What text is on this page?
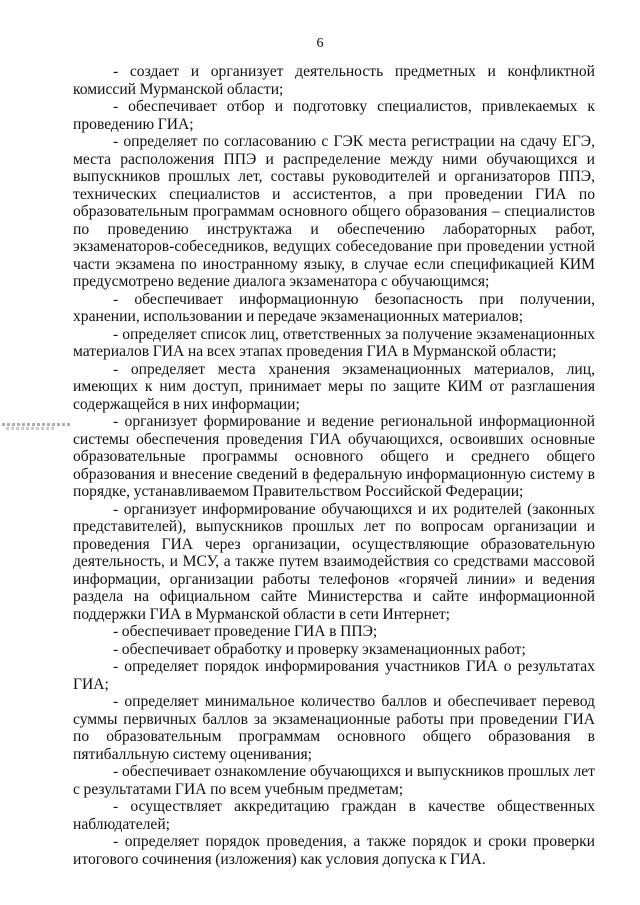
6

- создает и организует деятельность предметных и конфликтной комиссий Мурманской области;

- обеспечивает отбор и подготовку специалистов, привлекаемых к проведению ГИА;

- определяет по согласованию с ГЭК места регистрации на сдачу ЕГЭ, места расположения ППЭ и распределение между ними обучающихся и выпускников прошлых лет, составы руководителей и организаторов ППЭ, технических специалистов и ассистентов, а при проведении ГИА по образовательным программам основного общего образования – специалистов по проведению инструктажа и обеспечению лабораторных работ, экзаменаторов-собеседников, ведущих собеседование при проведении устной части экзамена по иностранному языку, в случае если спецификацией КИМ предусмотрено ведение диалога экзаменатора с обучающимся;

- обеспечивает информационную безопасность при получении, хранении, использовании и передаче экзаменационных материалов;

- определяет список лиц, ответственных за получение экзаменационных материалов ГИА на всех этапах проведения ГИА в Мурманской области;

- определяет места хранения экзаменационных материалов, лиц, имеющих к ним доступ, принимает меры по защите КИМ от разглашения содержащейся в них информации;

- организует формирование и ведение региональной информационной системы обеспечения проведения ГИА обучающихся, освоивших основные образовательные программы основного общего и среднего общего образования и внесение сведений в федеральную информационную систему в порядке, устанавливаемом Правительством Российской Федерации;

- организует информирование обучающихся и их родителей (законных представителей), выпускников прошлых лет по вопросам организации и проведения ГИА через организации, осуществляющие образовательную деятельность, и МСУ, а также путем взаимодействия со средствами массовой информации, организации работы телефонов «горячей линии» и ведения раздела на официальном сайте Министерства и сайте информационной поддержки ГИА в Мурманской области в сети Интернет;

- обеспечивает проведение ГИА в ППЭ;

- обеспечивает обработку и проверку экзаменационных работ;

- определяет порядок информирования участников ГИА о результатах ГИА;

- определяет минимальное количество баллов и обеспечивает перевод суммы первичных баллов за экзаменационные работы при проведении ГИА по образовательным программам основного общего образования в пятибалльную систему оценивания;

- обеспечивает ознакомление обучающихся и выпускников прошлых лет с результатами ГИА по всем учебным предметам;

- осуществляет аккредитацию граждан в качестве общественных наблюдателей;

- определяет порядок проведения, а также порядок и сроки проверки итогового сочинения (изложения) как условия допуска к ГИА.
